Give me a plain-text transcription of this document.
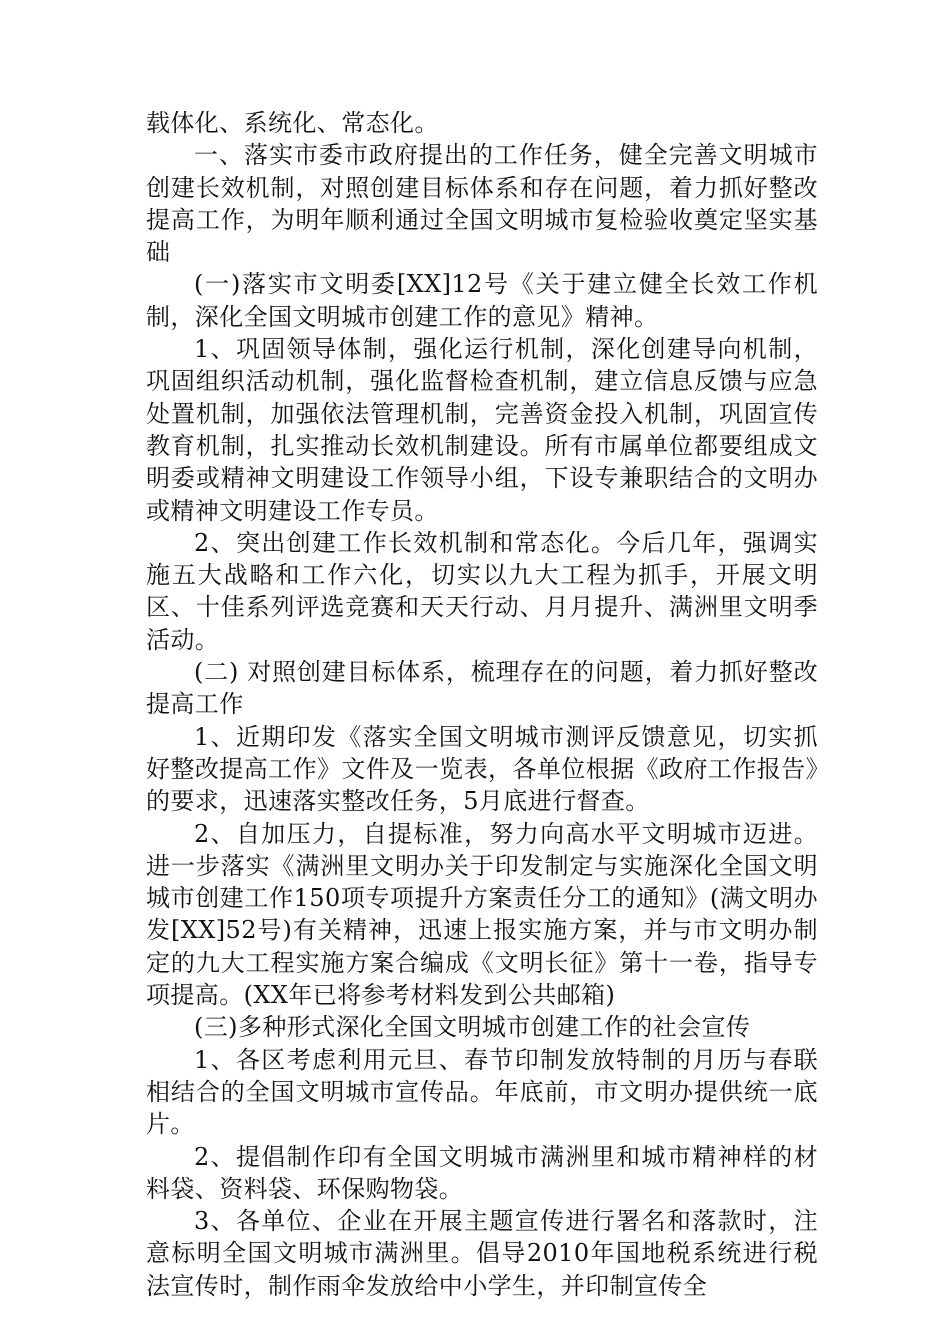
载体化、系统化、常态化。

一、落实市委市政府提出的工作任务，健全完善文明城市创建长效机制，对照创建目标体系和存在问题，着力抓好整改提高工作，为明年顺利通过全国文明城市复检验收奠定坚实基础

(一)落实市文明委[XX]12号《关于建立健全长效工作机制，深化全国文明城市创建工作的意见》精神。

1、巩固领导体制，强化运行机制，深化创建导向机制，巩固组织活动机制，强化监督检查机制，建立信息反馈与应急处置机制，加强依法管理机制，完善资金投入机制，巩固宣传教育机制，扎实推动长效机制建设。所有市属单位都要组成文明委或精神文明建设工作领导小组，下设专兼职结合的文明办或精神文明建设工作专员。

2、突出创建工作长效机制和常态化。今后几年，强调实施五大战略和工作六化，切实以九大工程为抓手，开展文明区、十佳系列评选竞赛和天天行动、月月提升、满洲里文明季活动。

(二) 对照创建目标体系，梳理存在的问题，着力抓好整改提高工作

1、近期印发《落实全国文明城市测评反馈意见，切实抓好整改提高工作》文件及一览表，各单位根据《政府工作报告》的要求，迅速落实整改任务，5月底进行督查。

2、自加压力，自提标准，努力向高水平文明城市迈进。进一步落实《满洲里文明办关于印发制定与实施深化全国文明城市创建工作150项专项提升方案责任分工的通知》(满文明办发[XX]52号)有关精神，迅速上报实施方案，并与市文明办制定的九大工程实施方案合编成《文明长征》第十一卷，指导专项提高。(XX年已将参考材料发到公共邮箱)

(三)多种形式深化全国文明城市创建工作的社会宣传

1、各区考虑利用元旦、春节印制发放特制的月历与春联相结合的全国文明城市宣传品。年底前，市文明办提供统一底片。

2、提倡制作印有全国文明城市满洲里和城市精神样的材料袋、资料袋、环保购物袋。

3、各单位、企业在开展主题宣传进行署名和落款时，注意标明全国文明城市满洲里。倡导2010年国地税系统进行税法宣传时，制作雨伞发放给中小学生，并印制宣传全
